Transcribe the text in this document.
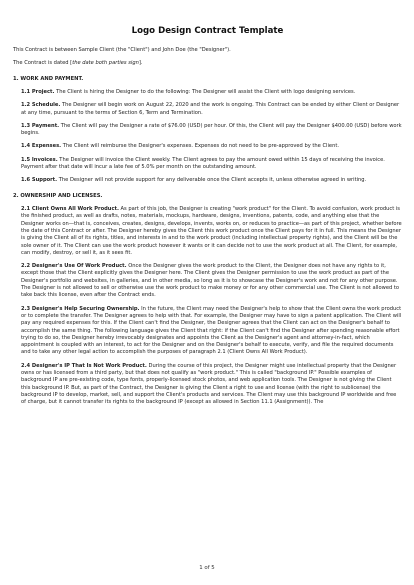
Logo Design Contract Template

This Contract is between Sample Client (the "Client") and John Doe (the "Designer").

The Contract is dated [the date both parties sign].

1. WORK AND PAYMENT.

1.1 Project. The Client is hiring the Designer to do the following: The Designer will assist the Client with logo designing services.

1.2 Schedule. The Designer will begin work on August 22, 2020 and the work is ongoing. This Contract can be ended by either Client or Designer at any time, pursuant to the terms of Section 6, Term and Termination.

1.3 Payment. The Client will pay the Designer a rate of $76.00 (USD) per hour. Of this, the Client will pay the Designer $400.00 (USD) before work begins.

1.4 Expenses. The Client will reimburse the Designer's expenses. Expenses do not need to be pre-approved by the Client.

1.5 Invoices. The Designer will invoice the Client weekly. The Client agrees to pay the amount owed within 15 days of receiving the invoice. Payment after that date will incur a late fee of 5.0% per month on the outstanding amount.

1.6 Support. The Designer will not provide support for any deliverable once the Client accepts it, unless otherwise agreed in writing.

2. OWNERSHIP AND LICENSES.

2.1 Client Owns All Work Product. As part of this job, the Designer is creating "work product" for the Client. To avoid confusion, work product is the finished product, as well as drafts, notes, materials, mockups, hardware, designs, inventions, patents, code, and anything else that the Designer works on—that is, conceives, creates, designs, develops, invents, works on, or reduces to practice—as part of this project, whether before the date of this Contract or after. The Designer hereby gives the Client this work product once the Client pays for it in full. This means the Designer is giving the Client all of its rights, titles, and interests in and to the work product (including intellectual property rights), and the Client will be the sole owner of it. The Client can use the work product however it wants or it can decide not to use the work product at all. The Client, for example, can modify, destroy, or sell it, as it sees fit.

2.2 Designer's Use Of Work Product. Once the Designer gives the work product to the Client, the Designer does not have any rights to it, except those that the Client explicitly gives the Designer here. The Client gives the Designer permission to use the work product as part of the Designer's portfolio and websites, in galleries, and in other media, so long as it is to showcase the Designer's work and not for any other purpose. The Designer is not allowed to sell or otherwise use the work product to make money or for any other commercial use. The Client is not allowed to take back this license, even after the Contract ends.

2.3 Designer's Help Securing Ownership. In the future, the Client may need the Designer's help to show that the Client owns the work product or to complete the transfer. The Designer agrees to help with that. For example, the Designer may have to sign a patent application. The Client will pay any required expenses for this. If the Client can't find the Designer, the Designer agrees that the Client can act on the Designer's behalf to accomplish the same thing. The following language gives the Client that right: if the Client can't find the Designer after spending reasonable effort trying to do so, the Designer hereby irrevocably designates and appoints the Client as the Designer's agent and attorney-in-fact, which appointment is coupled with an interest, to act for the Designer and on the Designer's behalf to execute, verify, and file the required documents and to take any other legal action to accomplish the purposes of paragraph 2.1 (Client Owns All Work Product).

2.4 Designer's IP That Is Not Work Product. During the course of this project, the Designer might use intellectual property that the Designer owns or has licensed from a third party, but that does not qualify as "work product." This is called "background IP." Possible examples of background IP are pre-existing code, type fonts, properly-licensed stock photos, and web application tools. The Designer is not giving the Client this background IP. But, as part of the Contract, the Designer is giving the Client a right to use and license (with the right to sublicense) the background IP to develop, market, sell, and support the Client's products and services. The Client may use this background IP worldwide and free of charge, but it cannot transfer its rights to the background IP (except as allowed in Section 11.1 (Assignment)). The

1 of 5
